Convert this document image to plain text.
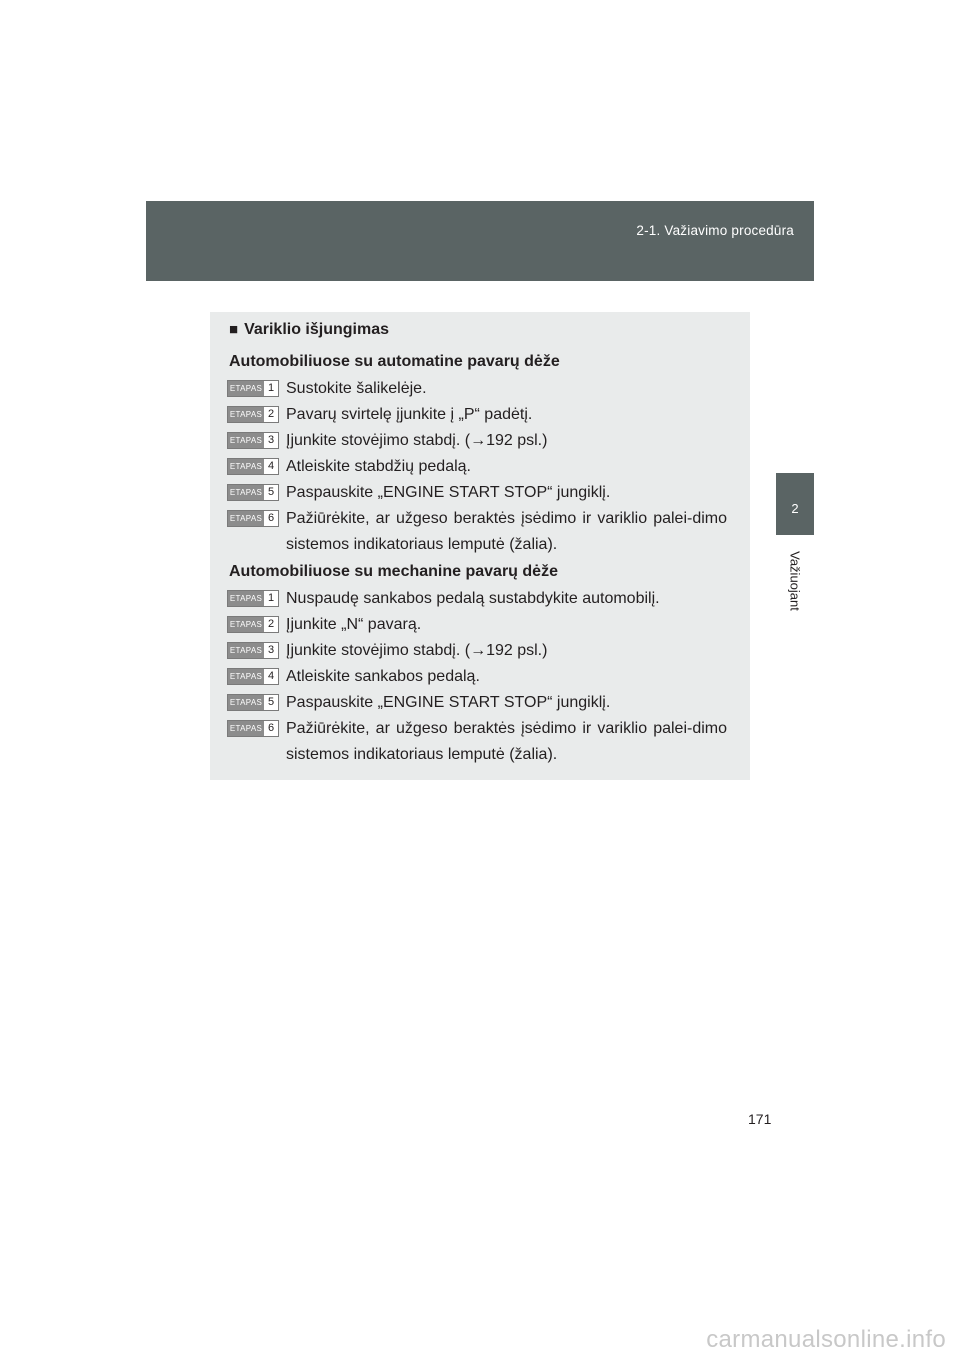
2-1. Važiavimo procedūra
2
Važiuojant
■ Variklio išjungimas
Automobiliuose su automatine pavarų dėže
ETAPAS 1 Sustokite šalikelėje.
ETAPAS 2 Pavarų svirtelę įjunkite į „P“ padėtį.
ETAPAS 3 Įjunkite stovėjimo stabdį. (→192 psl.)
ETAPAS 4 Atleiskite stabdžių pedalą.
ETAPAS 5 Paspauskite „ENGINE START STOP“ jungiklį.
ETAPAS 6 Pažiūrėkite, ar užgeso beraktės įsėdimo ir variklio palei-dimo sistemos indikatoriaus lemputė (žalia).
Automobiliuose su mechanine pavarų dėže
ETAPAS 1 Nuspaudę sankabos pedalą sustabdykite automobilį.
ETAPAS 2 Įjunkite „N“ pavarą.
ETAPAS 3 Įjunkite stovėjimo stabdį. (→192 psl.)
ETAPAS 4 Atleiskite sankabos pedalą.
ETAPAS 5 Paspauskite „ENGINE START STOP“ jungiklį.
ETAPAS 6 Pažiūrėkite, ar užgeso beraktės įsėdimo ir variklio palei-dimo sistemos indikatoriaus lemputė (žalia).
171
carmanualsonline.info
